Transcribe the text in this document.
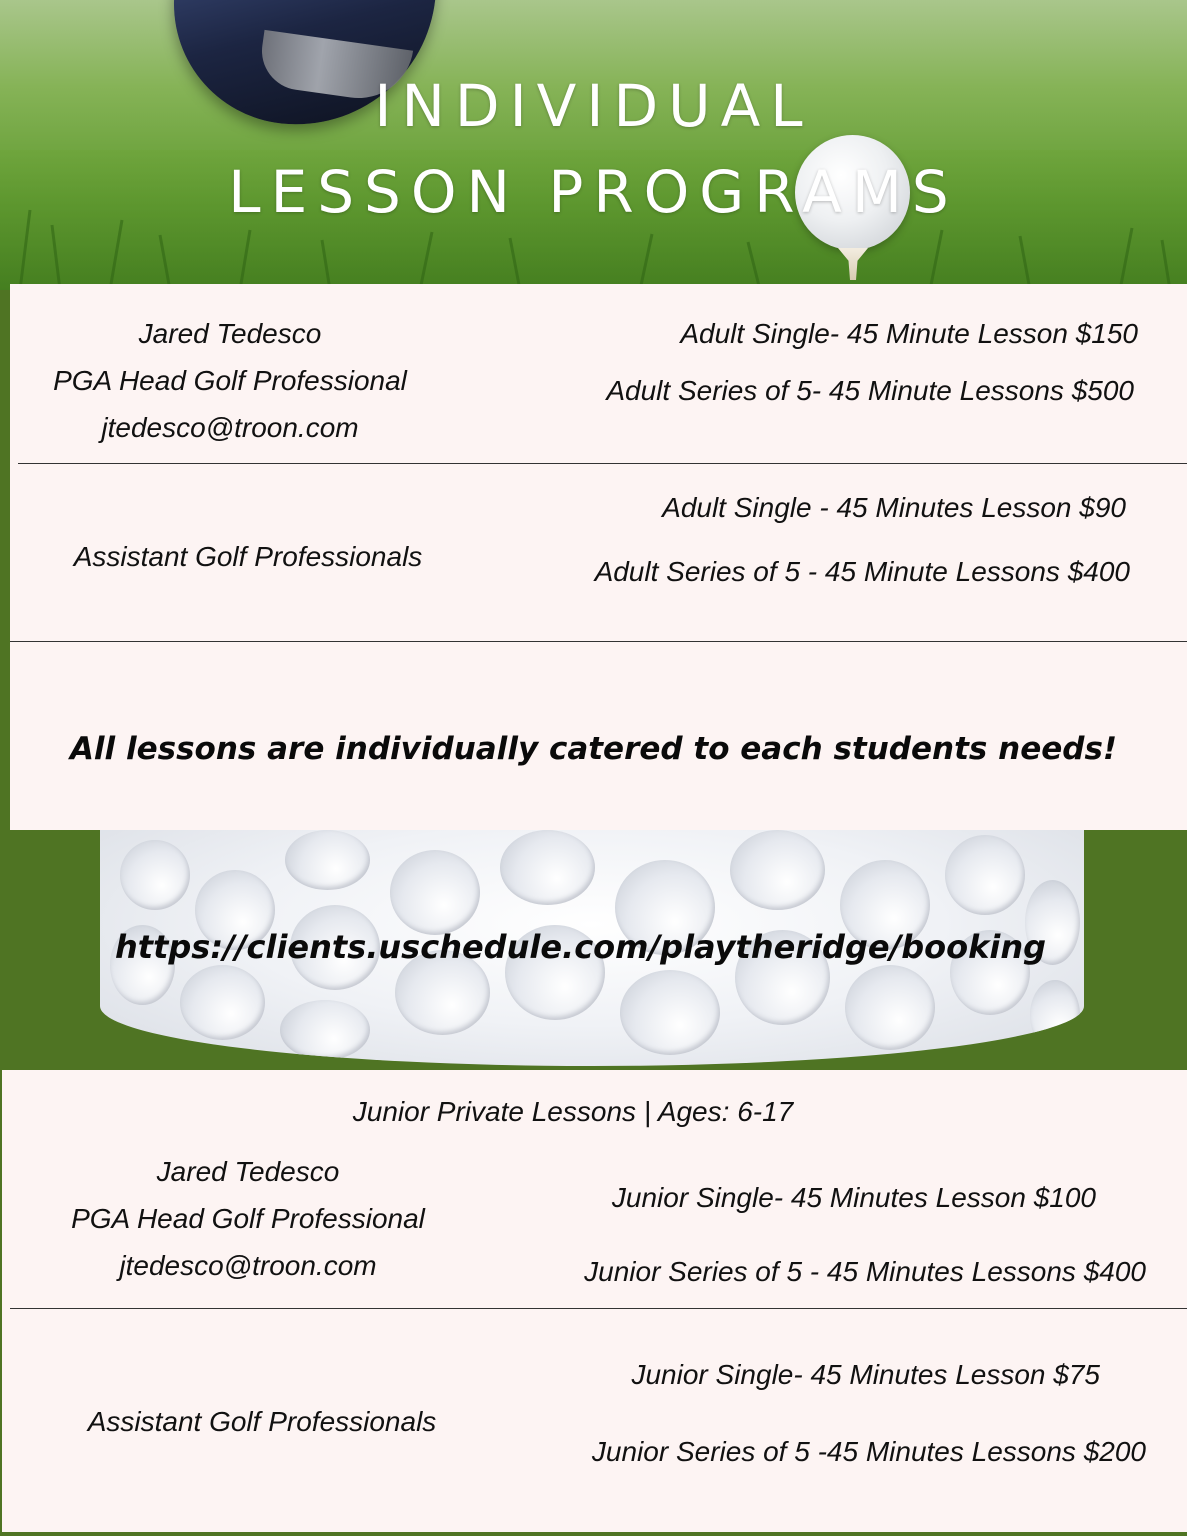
INDIVIDUAL
LESSON PROGRAMS
Jared Tedesco
PGA Head Golf Professional
jtedesco@troon.com
Adult Single- 45 Minute Lesson $150
Adult Series of 5- 45 Minute Lessons $500
Assistant Golf Professionals
Adult Single - 45 Minutes Lesson $90
Adult Series of 5 - 45 Minute Lessons $400
All lessons are individually catered to each students needs!
https://clients.uschedule.com/playtheridge/booking
Junior Private Lessons | Ages: 6-17
Jared Tedesco
PGA Head Golf Professional
jtedesco@troon.com
Junior Single- 45 Minutes Lesson $100
Junior Series of 5 - 45 Minutes Lessons $400
Assistant Golf Professionals
Junior Single- 45 Minutes Lesson $75
Junior Series of 5 -45 Minutes Lessons $200
